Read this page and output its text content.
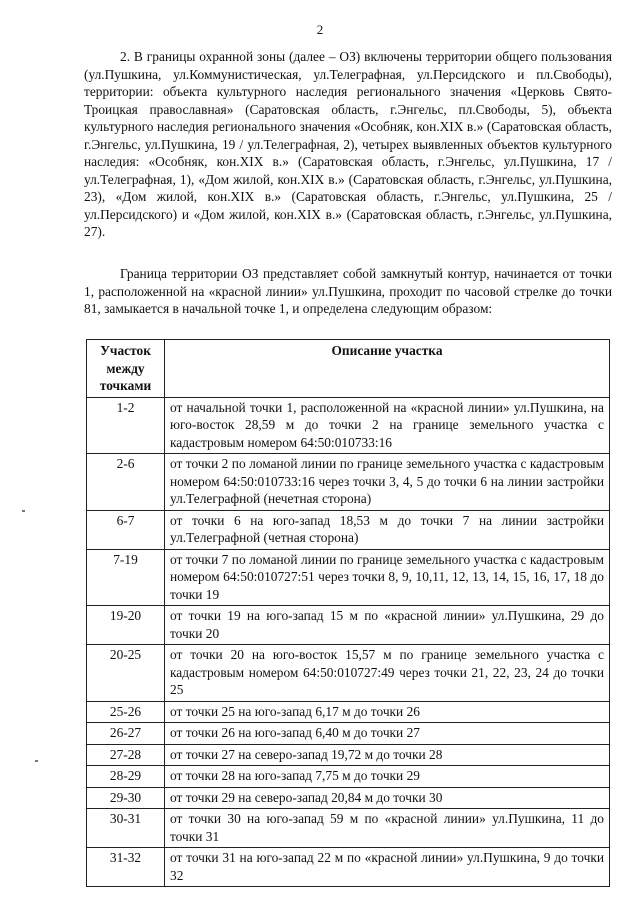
2
2. В границы охранной зоны (далее – ОЗ) включены территории общего пользования (ул.Пушкина, ул.Коммунистическая, ул.Телеграфная, ул.Персидского и пл.Свободы), территории: объекта культурного наследия регионального значения «Церковь Свято-Троицкая православная» (Саратовская область, г.Энгельс, пл.Свободы, 5), объекта культурного наследия регионального значения «Особняк, кон.XIX в.» (Саратовская область, г.Энгельс, ул.Пушкина, 19 / ул.Телеграфная, 2), четырех выявленных объектов культурного наследия: «Особняк, кон.XIX в.» (Саратовская область, г.Энгельс, ул.Пушкина, 17 / ул.Телеграфная, 1), «Дом жилой, кон.XIX в.» (Саратовская область, г.Энгельс, ул.Пушкина, 23), «Дом жилой, кон.XIX в.» (Саратовская область, г.Энгельс, ул.Пушкина, 25 / ул.Персидского) и «Дом жилой, кон.XIX в.» (Саратовская область, г.Энгельс, ул.Пушкина, 27).
Граница территории ОЗ представляет собой замкнутый контур, начинается от точки 1, расположенной на «красной линии» ул.Пушкина, проходит по часовой стрелке до точки 81, замыкается в начальной точке 1, и определена следующим образом:
Участок между точками	Описание участка
1-2	от начальной точки 1, расположенной на «красной линии» ул.Пушкина, на юго-восток 28,59 м до точки 2 на границе земельного участка с кадастровым номером 64:50:010733:16
2-6	от точки 2 по ломаной линии по границе земельного участка с кадастровым номером 64:50:010733:16 через точки 3, 4, 5 до точки 6 на линии застройки ул.Телеграфной (нечетная сторона)
6-7	от точки 6 на юго-запад 18,53 м до точки 7 на линии застройки ул.Телеграфной (четная сторона)
7-19	от точки 7 по ломаной линии по границе земельного участка с кадастровым номером 64:50:010727:51 через точки 8, 9, 10,11, 12, 13, 14, 15, 16, 17, 18 до точки 19
19-20	от точки 19 на юго-запад 15 м по «красной линии» ул.Пушкина, 29 до точки 20
20-25	от точки 20 на юго-восток 15,57 м по границе земельного участка с кадастровым номером 64:50:010727:49 через точки 21, 22, 23, 24 до точки 25
25-26	от точки 25 на юго-запад 6,17 м до точки 26
26-27	от точки 26 на юго-запад 6,40 м до точки 27
27-28	от точки 27 на северо-запад 19,72 м до точки 28
28-29	от точки 28 на юго-запад 7,75 м до точки 29
29-30	от точки 29 на северо-запад 20,84 м до точки 30
30-31	от точки 30 на юго-запад 59 м по «красной линии» ул.Пушкина, 11 до точки 31
31-32	от точки 31 на юго-запад 22 м по «красной линии» ул.Пушкина, 9 до точки 32
